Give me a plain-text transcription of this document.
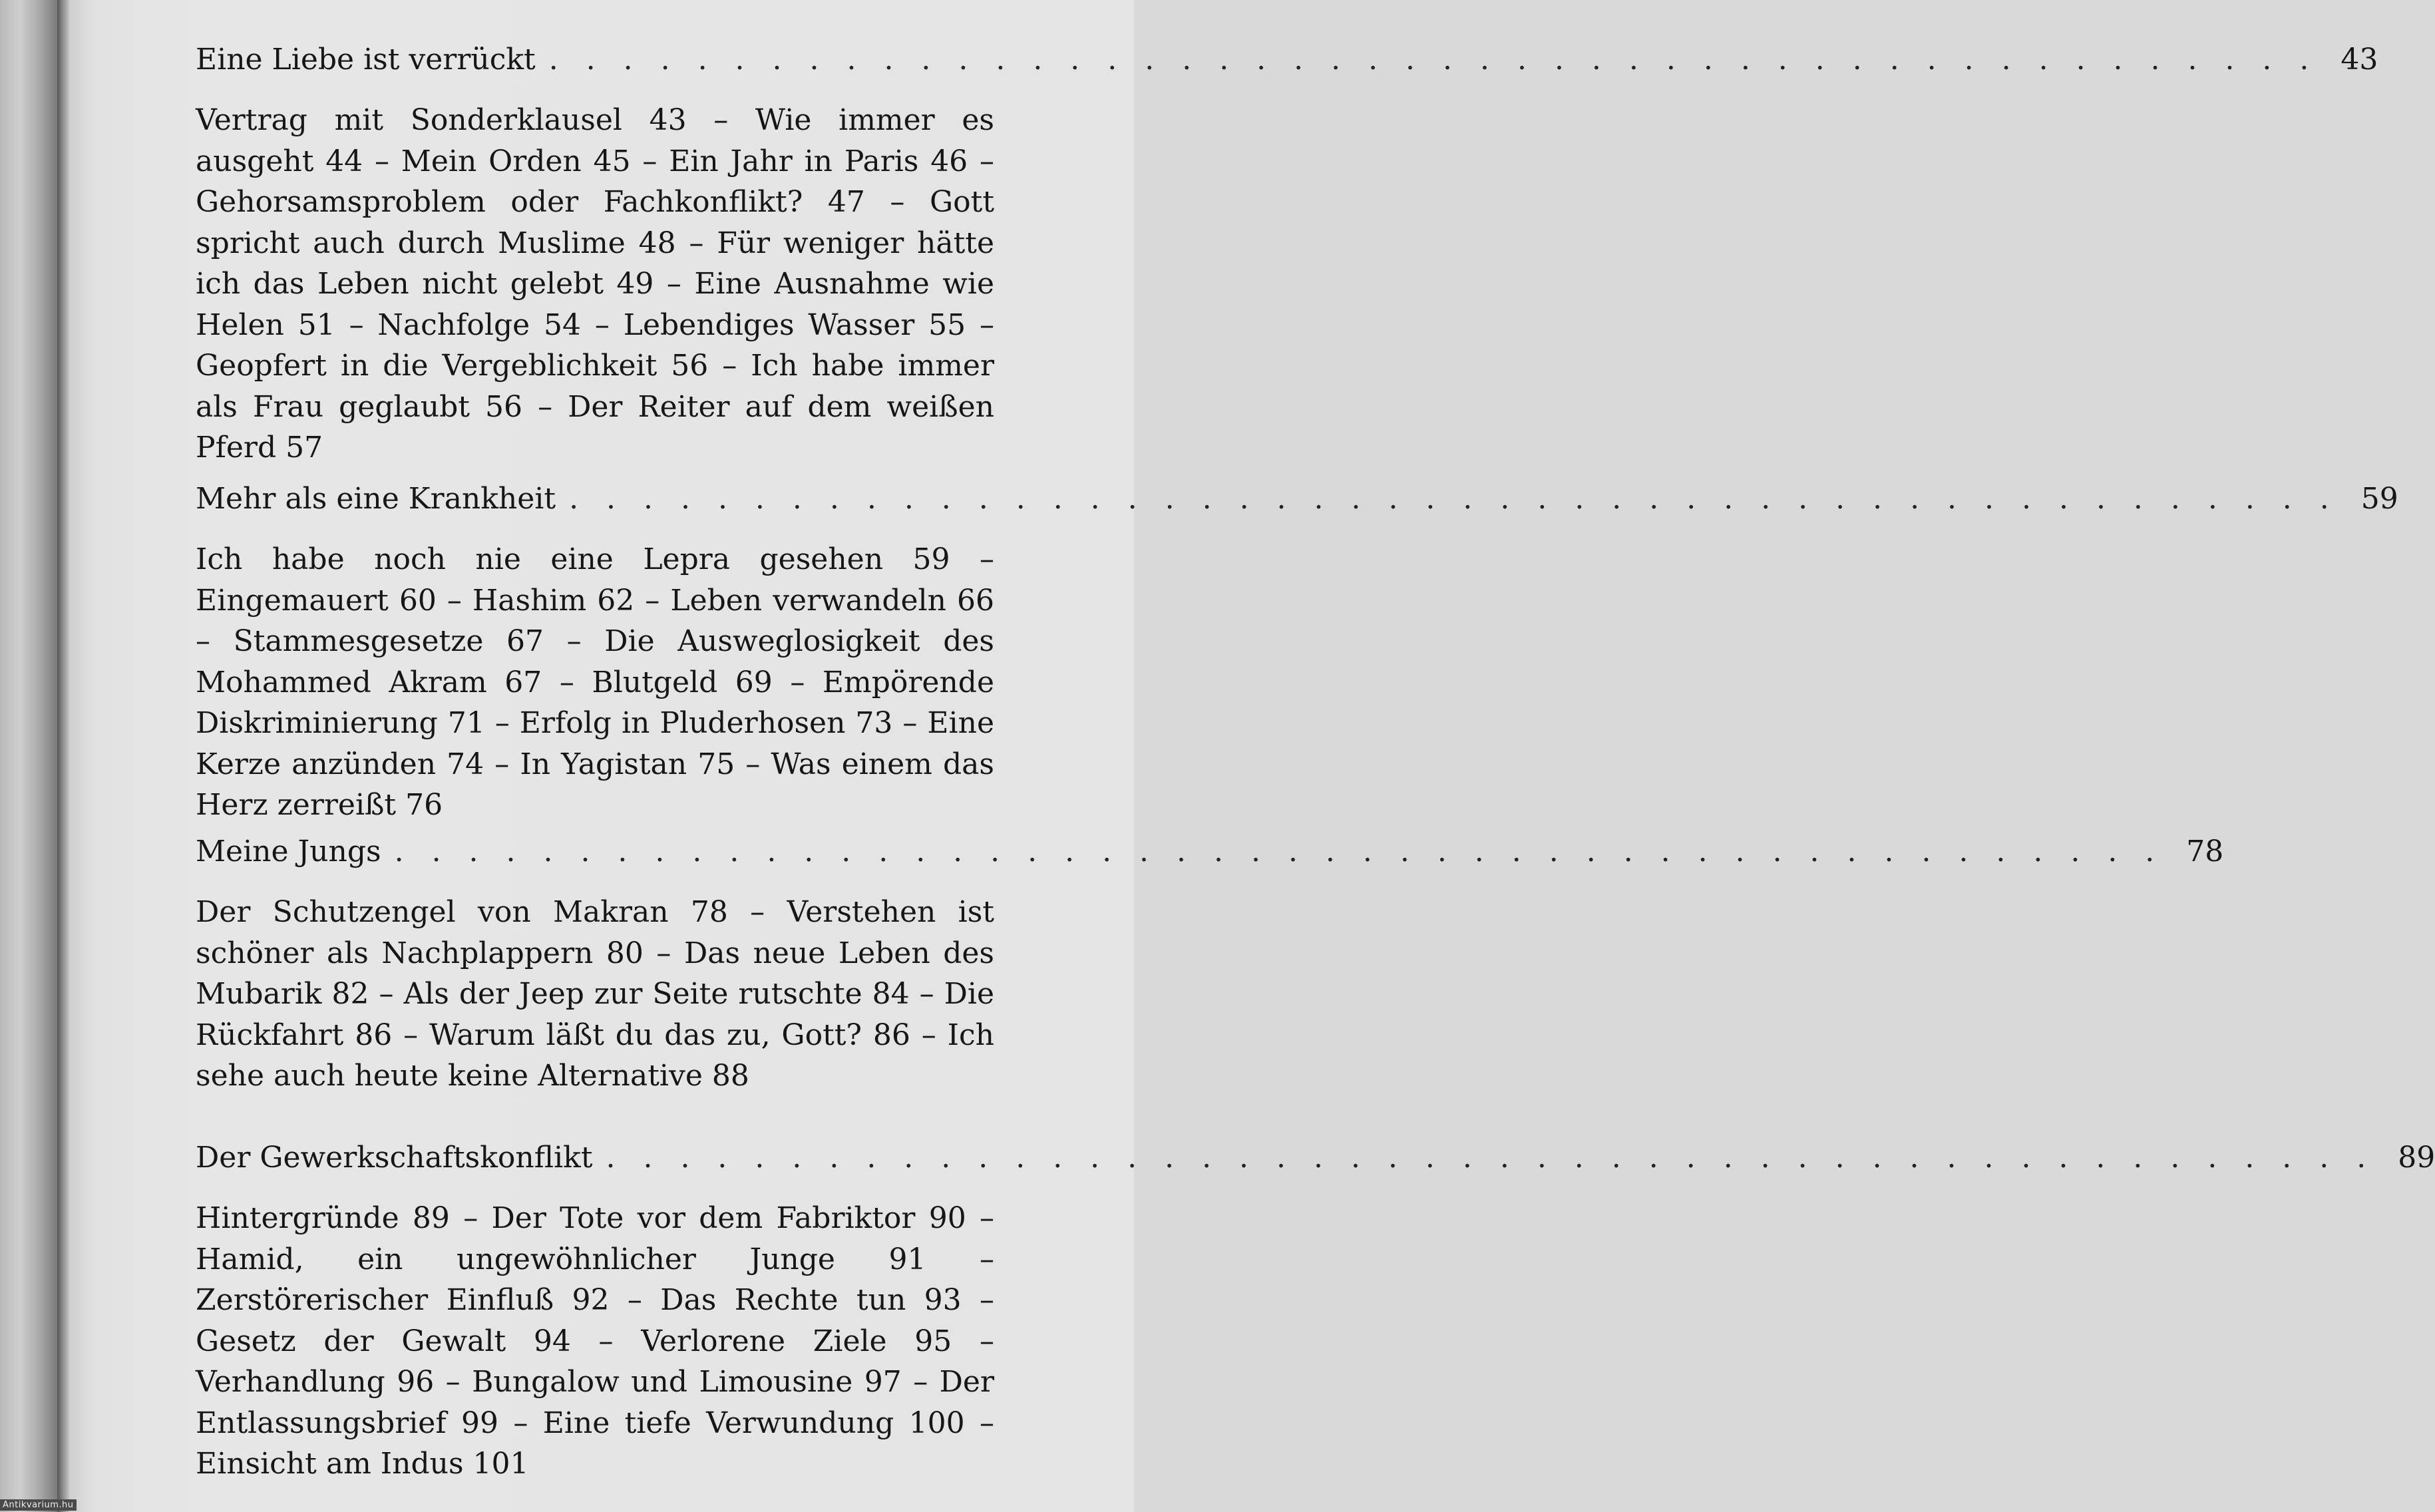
Eine Liebe ist verrückt . . . . . . . . . . . . . . . . . . . . . . . . . . . . . . . . . . . . . . . . . . . . . . . . 43
Vertrag mit Sonderklausel 43 – Wie immer es ausgeht 44 – Mein Orden 45 – Ein Jahr in Paris 46 – Gehorsamsproblem oder Fachkonflikt? 47 – Gott spricht auch durch Muslime 48 – Für weniger hätte ich das Leben nicht gelebt 49 – Eine Ausnahme wie Helen 51 – Nachfolge 54 – Lebendiges Wasser 55 – Geopfert in die Vergeblichkeit 56 – Ich habe immer als Frau geglaubt 56 – Der Reiter auf dem weißen Pferd 57
Mehr als eine Krankheit . . . . . . . . . . . . . . . . . . . . . . . . . . . . . . . . . . . . . . . . . . . . . . . . 59
Ich habe noch nie eine Lepra gesehen 59 – Eingemauert 60 – Hashim 62 – Leben verwandeln 66 – Stammesgesetze 67 – Die Ausweglosigkeit des Mohammed Akram 67 – Blutgeld 69 – Empörende Diskriminierung 71 – Erfolg in Pluderhosen 73 – Eine Kerze anzünden 74 – In Yagistan 75 – Was einem das Herz zerreißt 76
Meine Jungs . . . . . . . . . . . . . . . . . . . . . . . . . . . . . . . . . . . . . . . . . . . . . . . . 78
Der Schutzengel von Makran 78 – Verstehen ist schöner als Nachplappern 80 – Das neue Leben des Mubarik 82 – Als der Jeep zur Seite rutschte 84 – Die Rückfahrt 86 – Warum läßt du das zu, Gott? 86 – Ich sehe auch heute keine Alternative 88
Der Gewerkschaftskonflikt . . . . . . . . . . . . . . . . . . . . . . . . . . . . . . . . . . . . . . . . . . . . . . . . 89
Hintergründe 89 – Der Tote vor dem Fabriktor 90 – Hamid, ein ungewöhnlicher Junge 91 – Zerstörerischer Einfluß 92 – Das Rechte tun 93 – Gesetz der Gewalt 94 – Verlorene Ziele 95 – Verhandlung 96 – Bungalow und Limousine 97 – Der Entlassungsbrief 99 – Eine tiefe Verwundung 100 – Einsicht am Indus 101
Antikvarium.hu
